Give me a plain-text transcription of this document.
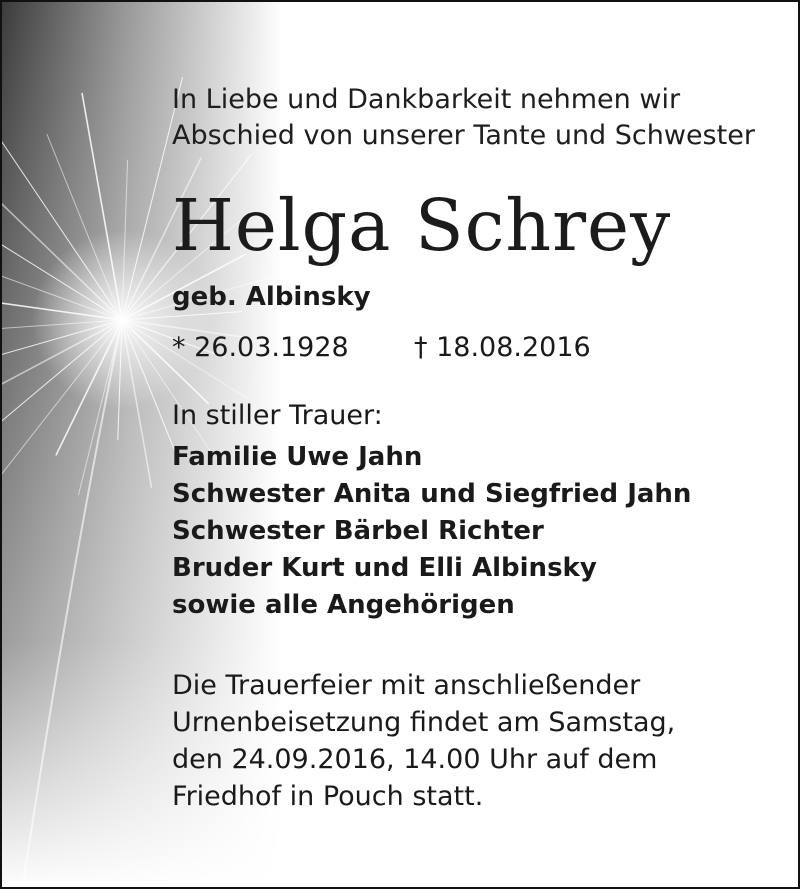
In Liebe und Dankbarkeit nehmen wir
Abschied von unserer Tante und Schwester
Helga Schrey
geb. Albinsky
* 26.03.1928 † 18.08.2016
In stiller Trauer:
Familie Uwe Jahn
Schwester Anita und Siegfried Jahn
Schwester Bärbel Richter
Bruder Kurt und Elli Albinsky
sowie alle Angehörigen
Die Trauerfeier mit anschließender
Urnenbeisetzung findet am Samstag,
den 24.09.2016, 14.00 Uhr auf dem
Friedhof in Pouch statt.
